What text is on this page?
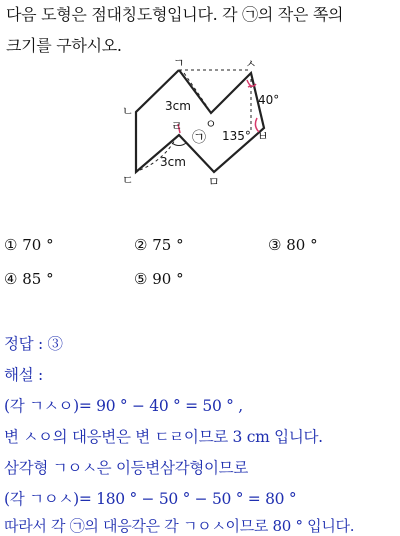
다음 도형은 점대칭도형입니다. 각 ㉠의 작은 쪽의
크기를 구하시오.
ㄱ
ㄴ
ㄷ
ㄹ
ㅁ
ㅂ
ㅅ
ㅇ
3cm
3cm
40°
135°
㉠
① 70 °	② 75 °	③ 80 °
④ 85 °	⑤ 90 °
정답 : ③
해설 :
(각 ㄱㅅㅇ)= 90 ° − 40 ° = 50 ° ,
변 ㅅㅇ의 대응변은 변 ㄷㄹ이므로 3 cm 입니다.
삼각형 ㄱㅇㅅ은 이등변삼각형이므로
(각 ㄱㅇㅅ)= 180 ° − 50 ° − 50 ° = 80 °
따라서 각 ㉠의 대응각은 각 ㄱㅇㅅ이므로 80 ° 입니다.
